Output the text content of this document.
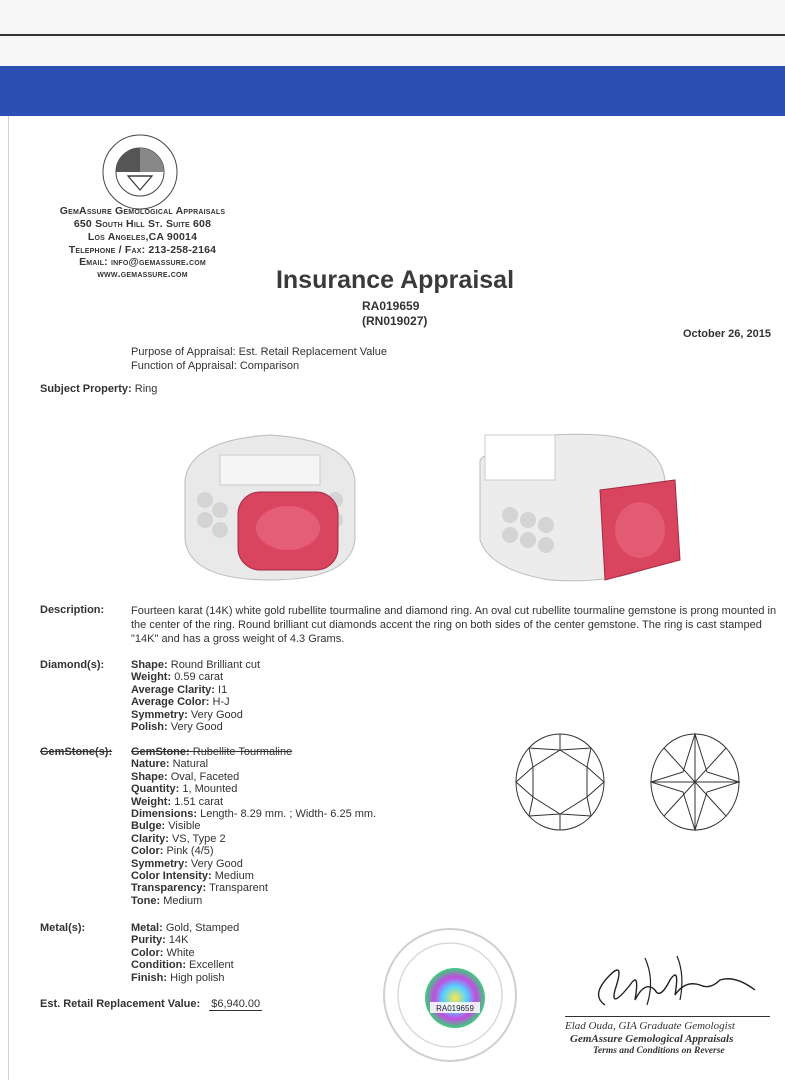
GemAssure Gemological Appraisals
650 South Hill St. Suite 608
Los Angeles,CA 90014
Telephone / Fax: 213-258-2164
Email: info@gemassure.com
www.gemassure.com	Insurance Appraisal
RA019659
(RN019027)
October 26, 2015
Purpose of Appraisal: Est. Retail Replacement Value
Function of Appraisal: Comparison
Subject Property: Ring
Description: Fourteen karat (14K) white gold rubellite tourmaline and diamond ring. An oval cut rubellite tourmaline gemstone is prong mounted in the center of the ring. Round brilliant cut diamonds accent the ring on both sides of the center gemstone. The ring is cast stamped "14K" and has a gross weight of 4.3 Grams.
Diamond(s): Shape: Round Brilliant cut
Weight: 0.59 carat
Average Clarity: I1
Average Color: H-J
Symmetry: Very Good
Polish: Very Good
GemStone(s): GemStone: Rubellite Tourmaline
Nature: Natural
Shape: Oval, Faceted
Quantity: 1, Mounted
Weight: 1.51 carat
Dimensions: Length- 8.29 mm. ; Width- 6.25 mm.
Bulge: Visible
Clarity: VS, Type 2
Color: Pink (4/5)
Symmetry: Very Good
Color Intensity: Medium
Transparency: Transparent
Tone: Medium
Metal(s):	Metal: Gold, Stamped
Purity: 14K
Color: White
Condition: Excellent
Finish: High polish
Est. Retail Replacement Value: $6,940.00	RA019659
Elad Ouda, GIA Graduate Gemologist
GemAssure Gemological Appraisals
Terms and Conditions on Reverse
